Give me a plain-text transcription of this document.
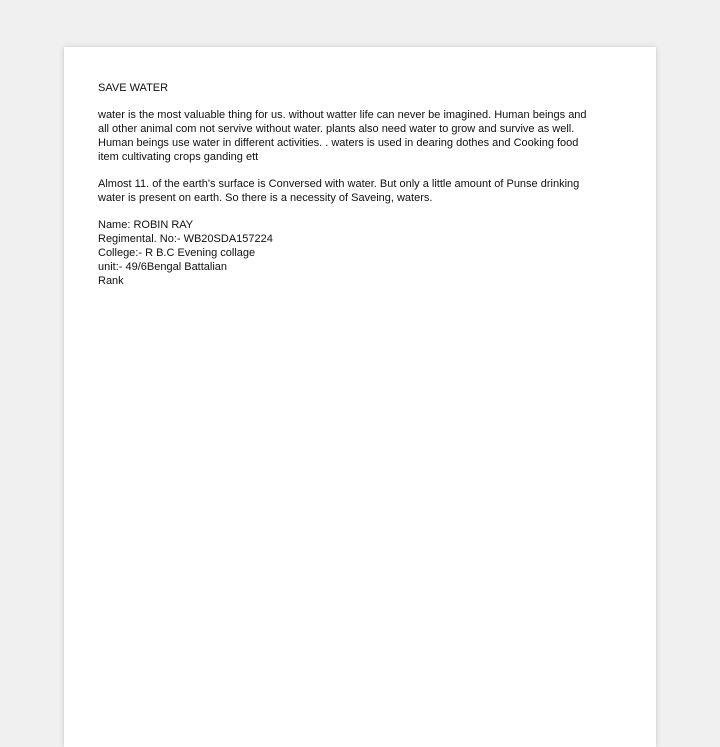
SAVE WATER
water is the most valuable thing for us. without watter life can never be imagined. Human beings and
all other animal com not servive without water. plants also need water to grow and survive as well.
Human beings use water in different activities. . waters is used in dearing dothes and Cooking food
item cultivating crops ganding ett
Almost 11. of the earth's surface is Conversed with water. But only a little amount of Punse drinking
water is present on earth. So there is a necessity of Saveing, waters.
Name: ROBIN RAY
Regimental. No:- WB20SDA157224
College:- R B.C Evening collage
unit:- 49/6Bengal Battalian
Rank
